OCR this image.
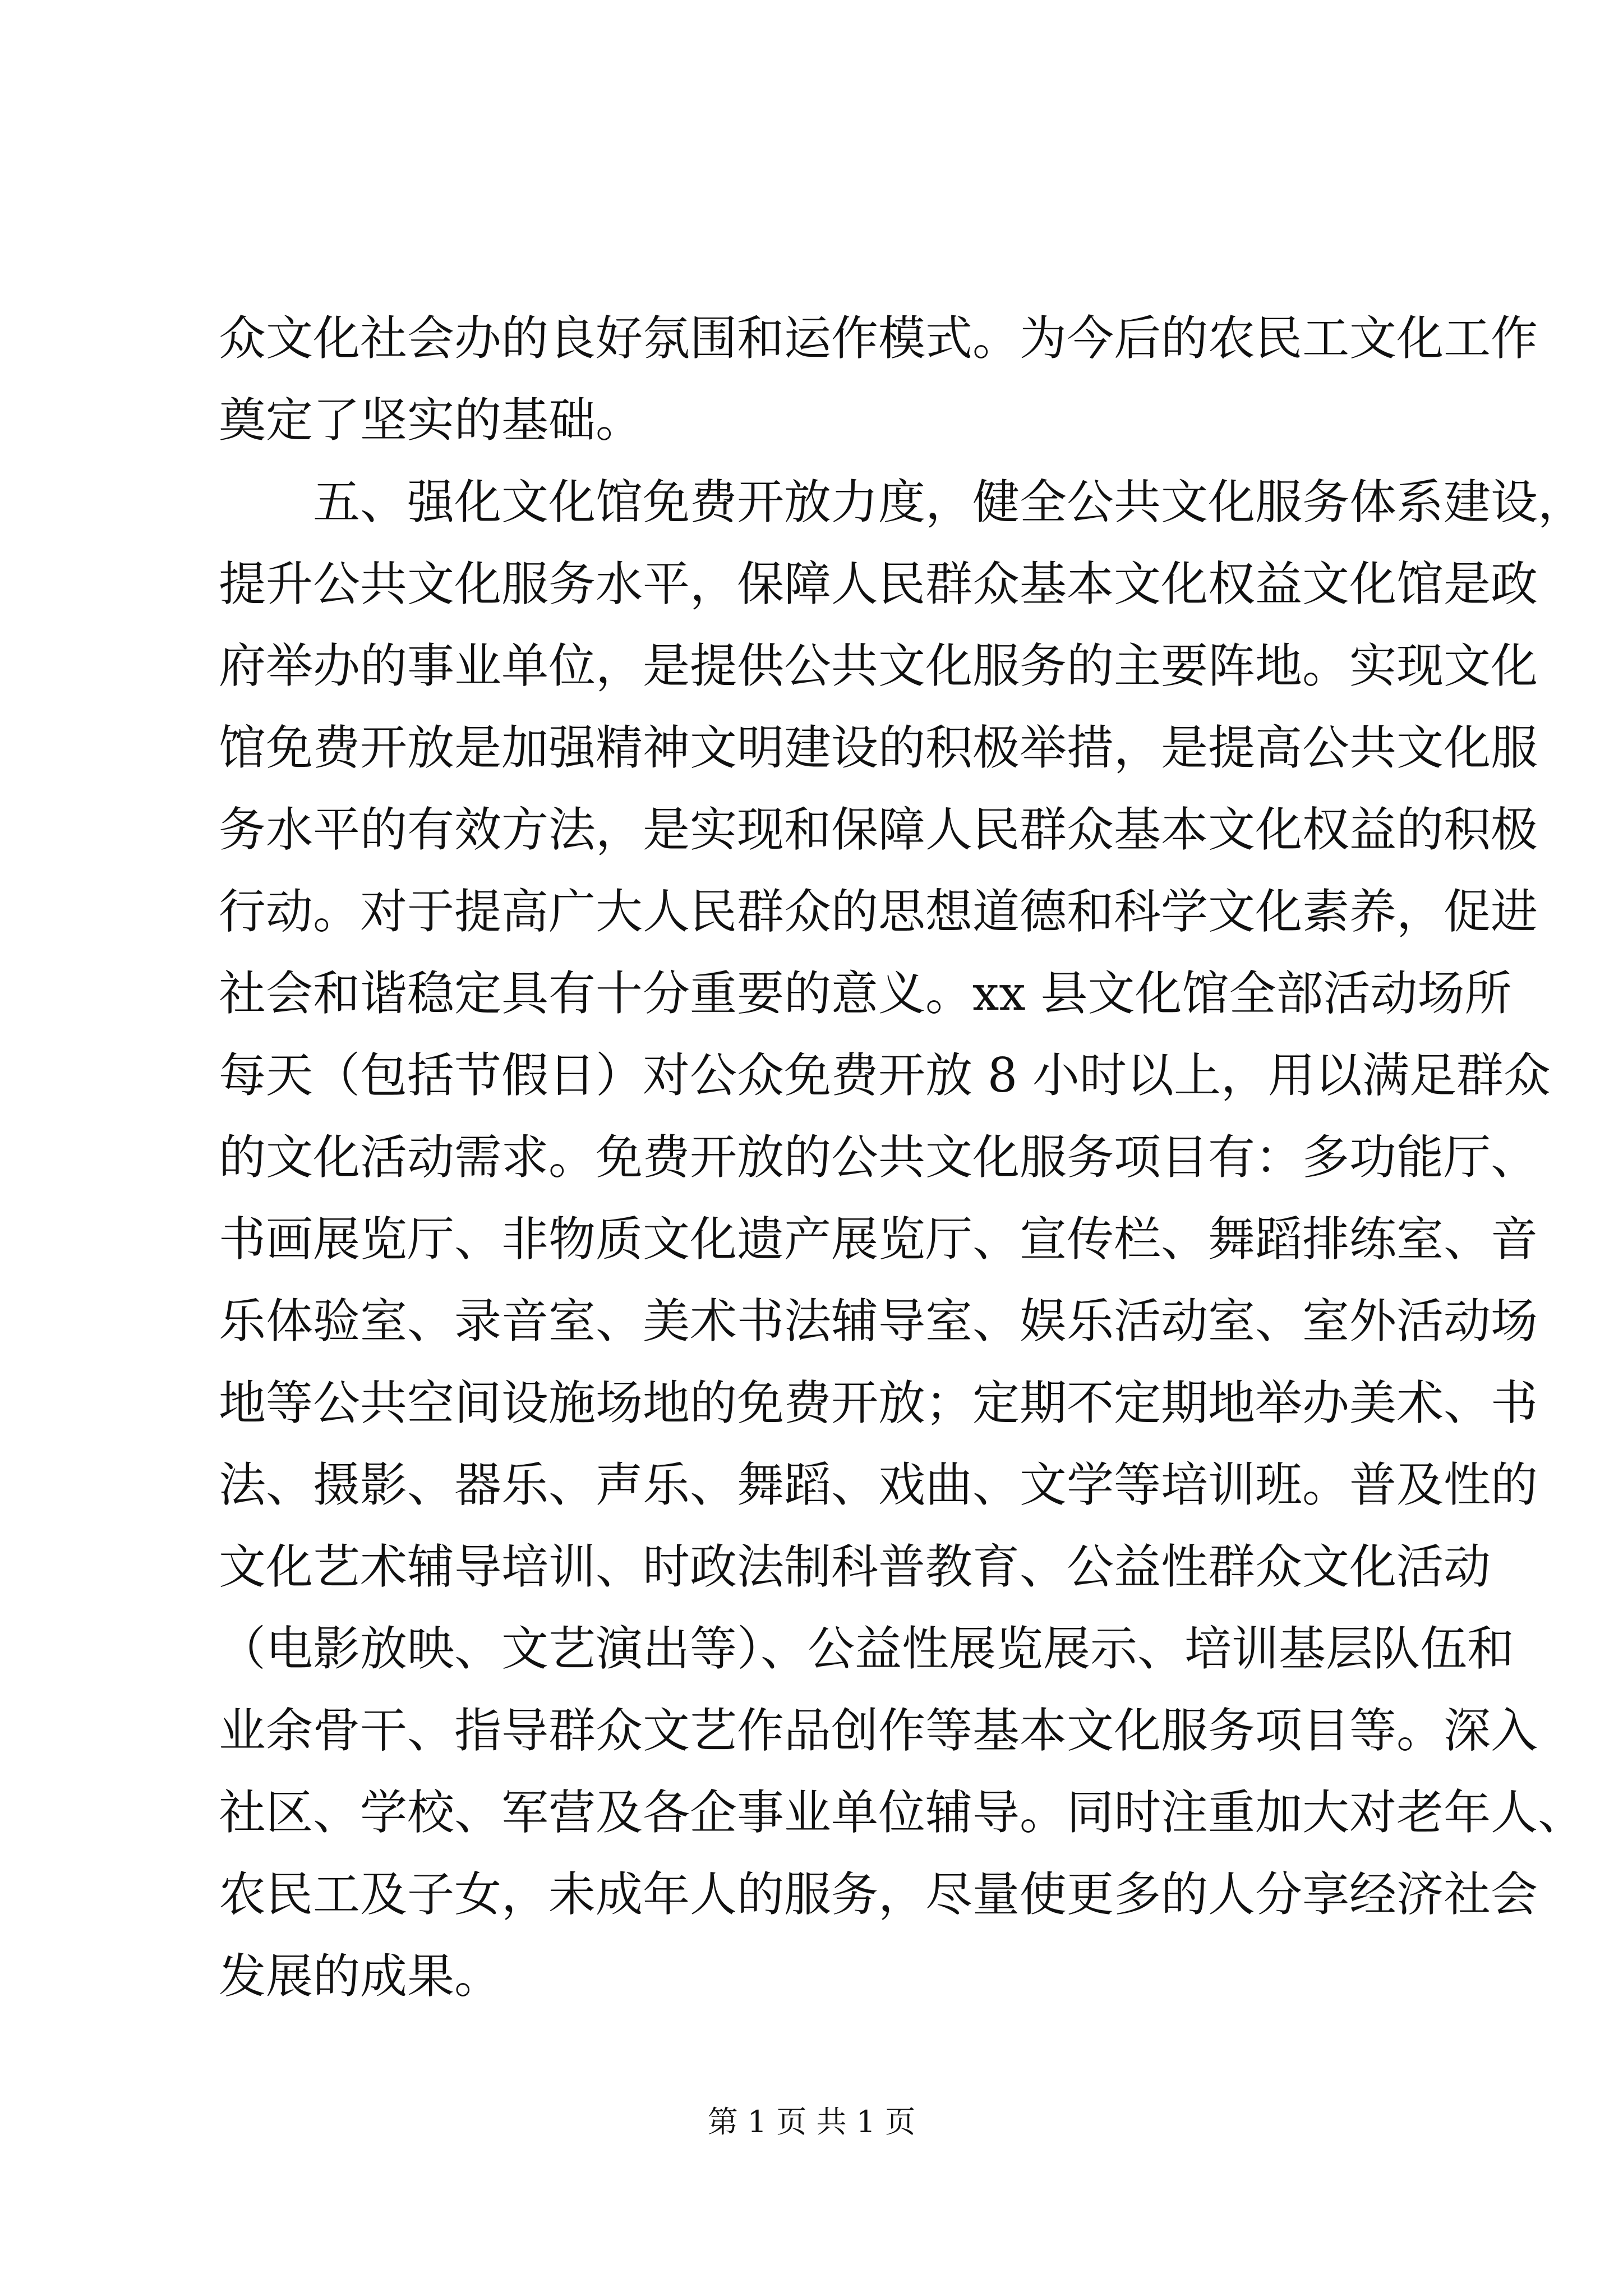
众文化社会办的良好氛围和运作模式。为今后的农民工文化工作
奠定了坚实的基础。
五、强化文化馆免费开放力度，健全公共文化服务体系建设，
提升公共文化服务水平，保障人民群众基本文化权益文化馆是政
府举办的事业单位，是提供公共文化服务的主要阵地。实现文化
馆免费开放是加强精神文明建设的积极举措，是提高公共文化服
务水平的有效方法，是实现和保障人民群众基本文化权益的积极
行动。对于提高广大人民群众的思想道德和科学文化素养，促进
社会和谐稳定具有十分重要的意义。xx 县文化馆全部活动场所
每天（包括节假日）对公众免费开放 8 小时以上，用以满足群众
的文化活动需求。免费开放的公共文化服务项目有：多功能厅、
书画展览厅、非物质文化遗产展览厅、宣传栏、舞蹈排练室、音
乐体验室、录音室、美术书法辅导室、娱乐活动室、室外活动场
地等公共空间设施场地的免费开放；定期不定期地举办美术、书
法、摄影、器乐、声乐、舞蹈、戏曲、文学等培训班。普及性的
文化艺术辅导培训、时政法制科普教育、公益性群众文化活动
（电影放映、文艺演出等）、公益性展览展示、培训基层队伍和
业余骨干、指导群众文艺作品创作等基本文化服务项目等。深入
社区、学校、军营及各企事业单位辅导。同时注重加大对老年人、
农民工及子女，未成年人的服务，尽量使更多的人分享经济社会
发展的成果。
第 1 页 共 1 页
